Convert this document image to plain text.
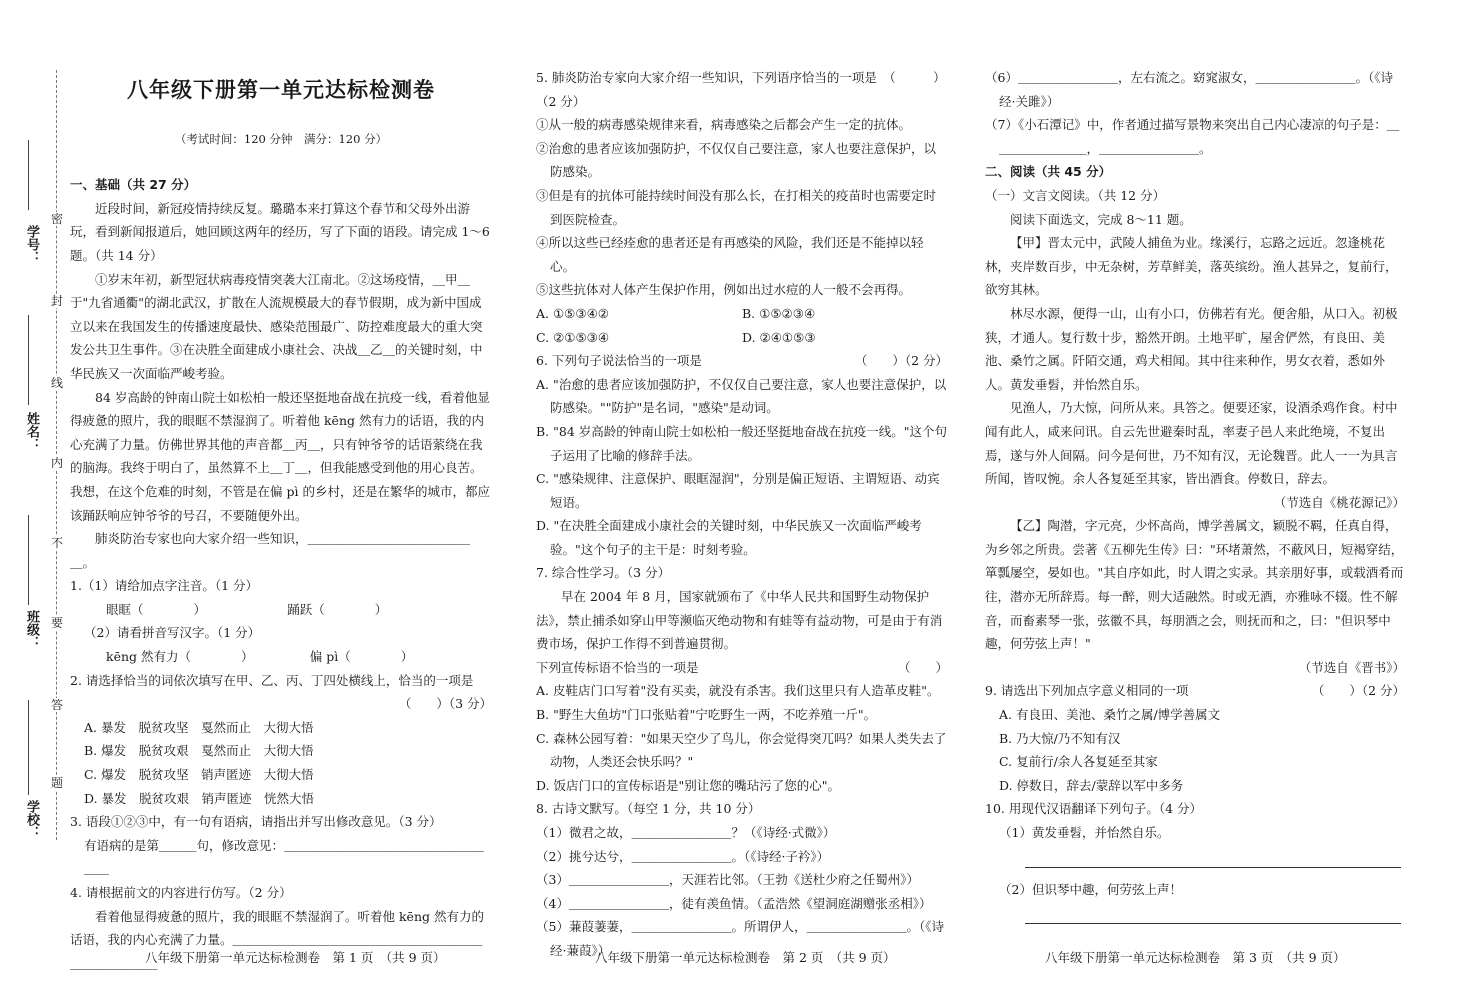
密
封
线
内
不
要
答
题
学号：
姓名：
班级：
学校：

八年级下册第一单元达标检测卷

（考试时间：120 分钟　满分：120 分）

一、基础（共 27 分）

近段时间，新冠疫情持续反复。璐璐本来打算这个春节和父母外出游玩，看到新闻报道后，她回顾这两年的经历，写了下面的语段。请完成 1～6 题。（共 14 分）

①岁末年初，新型冠状病毒疫情突袭大江南北。②这场疫情，＿甲＿于"九省通衢"的湖北武汉，扩散在人流规模最大的春节假期，成为新中国成立以来在我国发生的传播速度最快、感染范围最广、防控难度最大的重大突发公共卫生事件。③在决胜全面建成小康社会、决战＿乙＿的关键时刻，中华民族又一次面临严峻考验。

84 岁高龄的钟南山院士如松柏一般还坚挺地奋战在抗疫一线，看着他显得疲惫的照片，我的眼眶不禁湿润了。听着他 kēng 然有力的话语，我的内心充满了力量。仿佛世界其他的声音都＿丙＿，只有钟爷爷的话语萦绕在我的脑海。我终于明白了，虽然算不上＿丁＿，但我能感受到他的用心良苦。我想，在这个危难的时刻，不管是在偏 pì 的乡村，还是在繁华的城市，都应该踊跃响应钟爷爷的号召，不要随便外出。

肺炎防治专家也向大家介绍一些知识，＿＿＿＿＿＿＿＿＿＿＿＿＿＿。

1.（1）请给加点字注音。（1 分）

眼眶（　　　　）　　　　　　　踊跃（　　　　）

（2）请看拼音写汉字。（1 分）

kēng 然有力（　　　　）　　　　　偏 pì（　　　　）

2. 请选择恰当的词依次填写在甲、乙、丙、丁四处横线上，恰当的一项是

（　　）（3 分）

A. 暴发　脱贫攻坚　戛然而止　大彻大悟

B. 爆发　脱贫攻艰　戛然而止　大彻大悟

C. 爆发　脱贫攻坚　销声匿迹　大彻大悟

D. 暴发　脱贫攻艰　销声匿迹　恍然大悟

3. 语段①②③中，有一句有语病，请指出并写出修改意见。（3 分）

有语病的是第＿＿＿句，修改意见：＿＿＿＿＿＿＿＿＿＿＿＿＿＿＿＿＿＿

4. 请根据前文的内容进行仿写。（2 分）

看着他显得疲惫的照片，我的眼眶不禁湿润了。听着他 kēng 然有力的话语，我的内心充满了力量。＿＿＿＿＿＿＿＿＿＿＿＿＿＿＿＿＿＿＿＿＿＿＿＿＿＿＿

5. 肺炎防治专家向大家介绍一些知识，下列语序恰当的一项是　（　　　）（2 分）

①从一般的病毒感染规律来看，病毒感染之后都会产生一定的抗体。

②治愈的患者应该加强防护，不仅仅自己要注意，家人也要注意保护，以防感染。

③但是有的抗体可能持续时间没有那么长，在打相关的疫苗时也需要定时到医院检查。

④所以这些已经痊愈的患者还是有再感染的风险，我们还是不能掉以轻心。

⑤这些抗体对人体产生保护作用，例如出过水痘的人一般不会再得。

A. ①⑤③④②	B. ①⑤②③④

C. ②①⑤③④	D. ②④①⑤③

6. 下列句子说法恰当的一项是	（　　）（2 分）

A. "治愈的患者应该加强防护，不仅仅自己要注意，家人也要注意保护，以防感染。""防护"是名词，"感染"是动词。

B. "84 岁高龄的钟南山院士如松柏一般还坚挺地奋战在抗疫一线。"这个句子运用了比喻的修辞手法。

C. "感染规律、注意保护、眼眶湿润"，分别是偏正短语、主谓短语、动宾短语。

D. "在决胜全面建成小康社会的关键时刻，中华民族又一次面临严峻考验。"这个句子的主干是：时刻考验。

7. 综合性学习。（3 分）

早在 2004 年 8 月，国家就颁布了《中华人民共和国野生动物保护法》，禁止捕杀如穿山甲等濒临灭绝动物和有蛙等有益动物，可是由于有消费市场，保护工作得不到普遍贯彻。

下列宣传标语不恰当的一项是	（　　）

A. 皮鞋店门口写着"没有买卖，就没有杀害。我们这里只有人造革皮鞋"。

B. "野生大鱼坊"门口张贴着"宁吃野生一两，不吃养殖一斤"。

C. 森林公园写着："如果天空少了鸟儿，你会觉得突兀吗？如果人类失去了动物，人类还会快乐吗？"

D. 饭店门口的宣传标语是"别让您的嘴玷污了您的心"。

8. 古诗文默写。（每空 1 分，共 10 分）

（1）微君之故，＿＿＿＿＿＿＿＿？（《诗经·式微》）

（2）挑兮达兮，＿＿＿＿＿＿＿＿。（《诗经·子衿》）

（3）＿＿＿＿＿＿＿＿，天涯若比邻。（王勃《送杜少府之任蜀州》）

（4）＿＿＿＿＿＿＿＿，徒有羡鱼情。（孟浩然《望洞庭湖赠张丞相》）

（5）蒹葭萋萋，＿＿＿＿＿＿＿＿。所谓伊人，＿＿＿＿＿＿＿＿。（《诗经·蒹葭》）

（6）＿＿＿＿＿＿＿＿，左右流之。窈窕淑女，＿＿＿＿＿＿＿＿。（《诗经·关雎》）

（7）《小石潭记》中，作者通过描写景物来突出自己内心凄凉的句子是：＿＿＿＿＿＿＿＿，＿＿＿＿＿＿＿＿。

二、阅读（共 45 分）

（一）文言文阅读。（共 12 分）

阅读下面选文，完成 8～11 题。

【甲】晋太元中，武陵人捕鱼为业。缘溪行，忘路之远近。忽逢桃花林，夹岸数百步，中无杂树，芳草鲜美，落英缤纷。渔人甚异之，复前行，欲穷其林。

林尽水源，便得一山，山有小口，仿佛若有光。便舍船，从口入。初极狭，才通人。复行数十步，豁然开朗。土地平旷，屋舍俨然，有良田、美池、桑竹之属。阡陌交通，鸡犬相闻。其中往来种作，男女衣着，悉如外人。黄发垂髫，并怡然自乐。

见渔人，乃大惊，问所从来。具答之。便要还家，设酒杀鸡作食。村中闻有此人，咸来问讯。自云先世避秦时乱，率妻子邑人来此绝境，不复出焉，遂与外人间隔。问今是何世，乃不知有汉，无论魏晋。此人一一为具言所闻，皆叹惋。余人各复延至其家，皆出酒食。停数日，辞去。

（节选自《桃花源记》）

【乙】陶潜，字元亮，少怀高尚，博学善属文，颖脱不羁，任真自得，为乡邻之所贵。尝著《五柳先生传》曰："环堵萧然，不蔽风日，短褐穿结，箪瓢屡空，晏如也。"其自序如此，时人谓之实录。其亲朋好事，或载酒肴而往，潜亦无所辞焉。每一醉，则大适融然。时或无酒，亦雅咏不辍。性不解音，而畜素琴一张，弦徽不具，每朋酒之会，则抚而和之，曰："但识琴中趣，何劳弦上声！"

（节选自《晋书》）

9. 请选出下列加点字意义相同的一项	（　　）（2 分）

A. 有良田、美池、桑竹之属/博学善属文

B. 乃大惊/乃不知有汉

C. 复前行/余人各复延至其家

D. 停数日，辞去/蒙辞以军中多务

10. 用现代汉语翻译下列句子。（4 分）

（1）黄发垂髫，并怡然自乐。

（2）但识琴中趣，何劳弦上声！

八年级下册第一单元达标检测卷　第 1 页　（共 9 页）	八年级下册第一单元达标检测卷　第 2 页　（共 9 页）	八年级下册第一单元达标检测卷　第 3 页　（共 9 页）
